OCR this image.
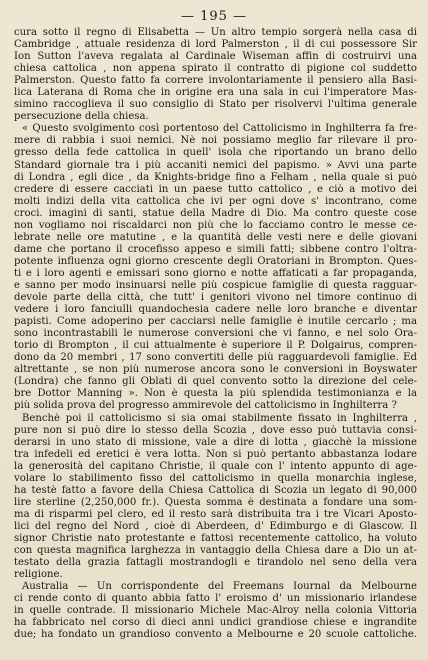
— 195 —
cura sotto il regno di Elisabetta — Un altro tempio sorgerà nella casa di
Cambridge , attuale residenza di lord Palmerston , il di cui possessore Sir
Ion Sutton l'aveva regalata al Cardinale Wiseman affin di costruirvi una
chiesa cattolica , non appena spirato il contratto di pigione col suddetto
Palmerston. Questo fatto fa correre involontariamente il pensiero alla Basi-
lica Laterana di Roma che in origine era una sala in cui l'imperatore Mas-
simino raccoglieva il suo consiglio di Stato per risolvervi l'ultima generale
persecuzione della chiesa.
« Questo svolgimento così portentoso del Cattolicismo in Inghilterra fa fre-
mere di rabbia i suoi nemici. Nè noi possiamo meglio far rilevare il pro-
gresso della fede cattolica in quell' isola che riportando un brano dello
Standard giornale tra i più accaniti nemici del papismo. » Avvi una parte
di Londra , egli dice , da Knights-bridge fino a Felham , nella quale si può
credere di essere cacciati in un paese tutto cattolico , e ciò a motivo dei
molti indizi della vita cattolica che ivi per ogni dove s' incontrano, come
croci. imagini di santi, statue della Madre di Dio. Ma contro queste cose
non vogliamo noi riscaldarci non più che lo facciamo contro le messe ce-
lebrate nelle ore matutine , e la quantità delle vesti nere e delle giovani
dame che portano il crocefisso appeso e simili fatti; sibbene contro l'oltra-
potente influenza ogni giorno crescente degli Oratoriani in Brompton. Ques-
ti e i loro agenti e emissari sono giorno e notte affaticati a far propaganda,
e sanno per modo insinuarsi nelle più cospicue famiglie di questa ragguar-
devole parte della città, che tutt' i genitori vivono nel timore continuo di
vedere i loro fanciulli quandochesia cadere nelle loro branche e diventar
papisti. Come adoperino per cacciarsi nelle famiglie è inutile cercarlo ; ma
sono incontrastabili le numerose conversioni che vi fanno, e nel solo Ora-
torio di Brompton , il cui attualmente è superiore il P. Dolgairus, compren-
dono da 20 membri , 17 sono convertiti delle più ragguardevoli famiglie. Ed
altrettante , se non più numerose ancora sono le conversioni in Boyswater
(Londra) che fanno gli Oblati di quel convento sotto la direzione del cele-
bre Dottor Manning ». Non è questa la più splendida testimonianza e la
più solida prova del progresso ammirevole del cattolicismo in Inghilterra ?
Benchè poi il cattolicismo si sia omai stabilmente fissato in Inghilterra ,
pure non si può dire lo stesso della Scozia , dove esso può tuttavia consi-
derarsi in uno stato di missione, vale a dire di lotta , giacchè la missione
tra infedeli ed eretici è vera lotta. Non si può pertanto abbastanza lodare
la generosità del capitano Christie, il quale con l' intento appunto di age-
volare lo stabilimento fisso del cattolicismo in quella monarchia inglese,
ha testè fatto a favore della Chiesa Cattolica di Scozia un legato di 90,000
lire sterline (2,250,000 fr.). Questa somma è destinata a fondare una som-
ma di risparmi pel clero, ed il resto sarà distribuita tra i tre Vicari Aposto-
lici del regno del Nord , cioè di Aberdeen, d' Edimburgo e di Glascow. Il
signor Christie nato protestante e fattosi recentemente cattolico, ha voluto
con questa magnifica larghezza in vantaggio della Chiesa dare a Dio un at-
testato della grazia fattagli mostrandogli e tirandolo nel seno della vera
religione.
Australia — Un corrispondente del Freemans Iournal da Melbourne
ci rende conto di quanto abbia fatto l' eroismo d' un missionario irlandese
in quelle contrade. Il missionario Michele Mac-Alroy nella colonia Vittoria
ha fabbricato nel corso di dieci anni undici grandiose chiese e ingrandite
due; ha fondato un grandioso convento a Melbourne e 20 scuole cattoliche.
